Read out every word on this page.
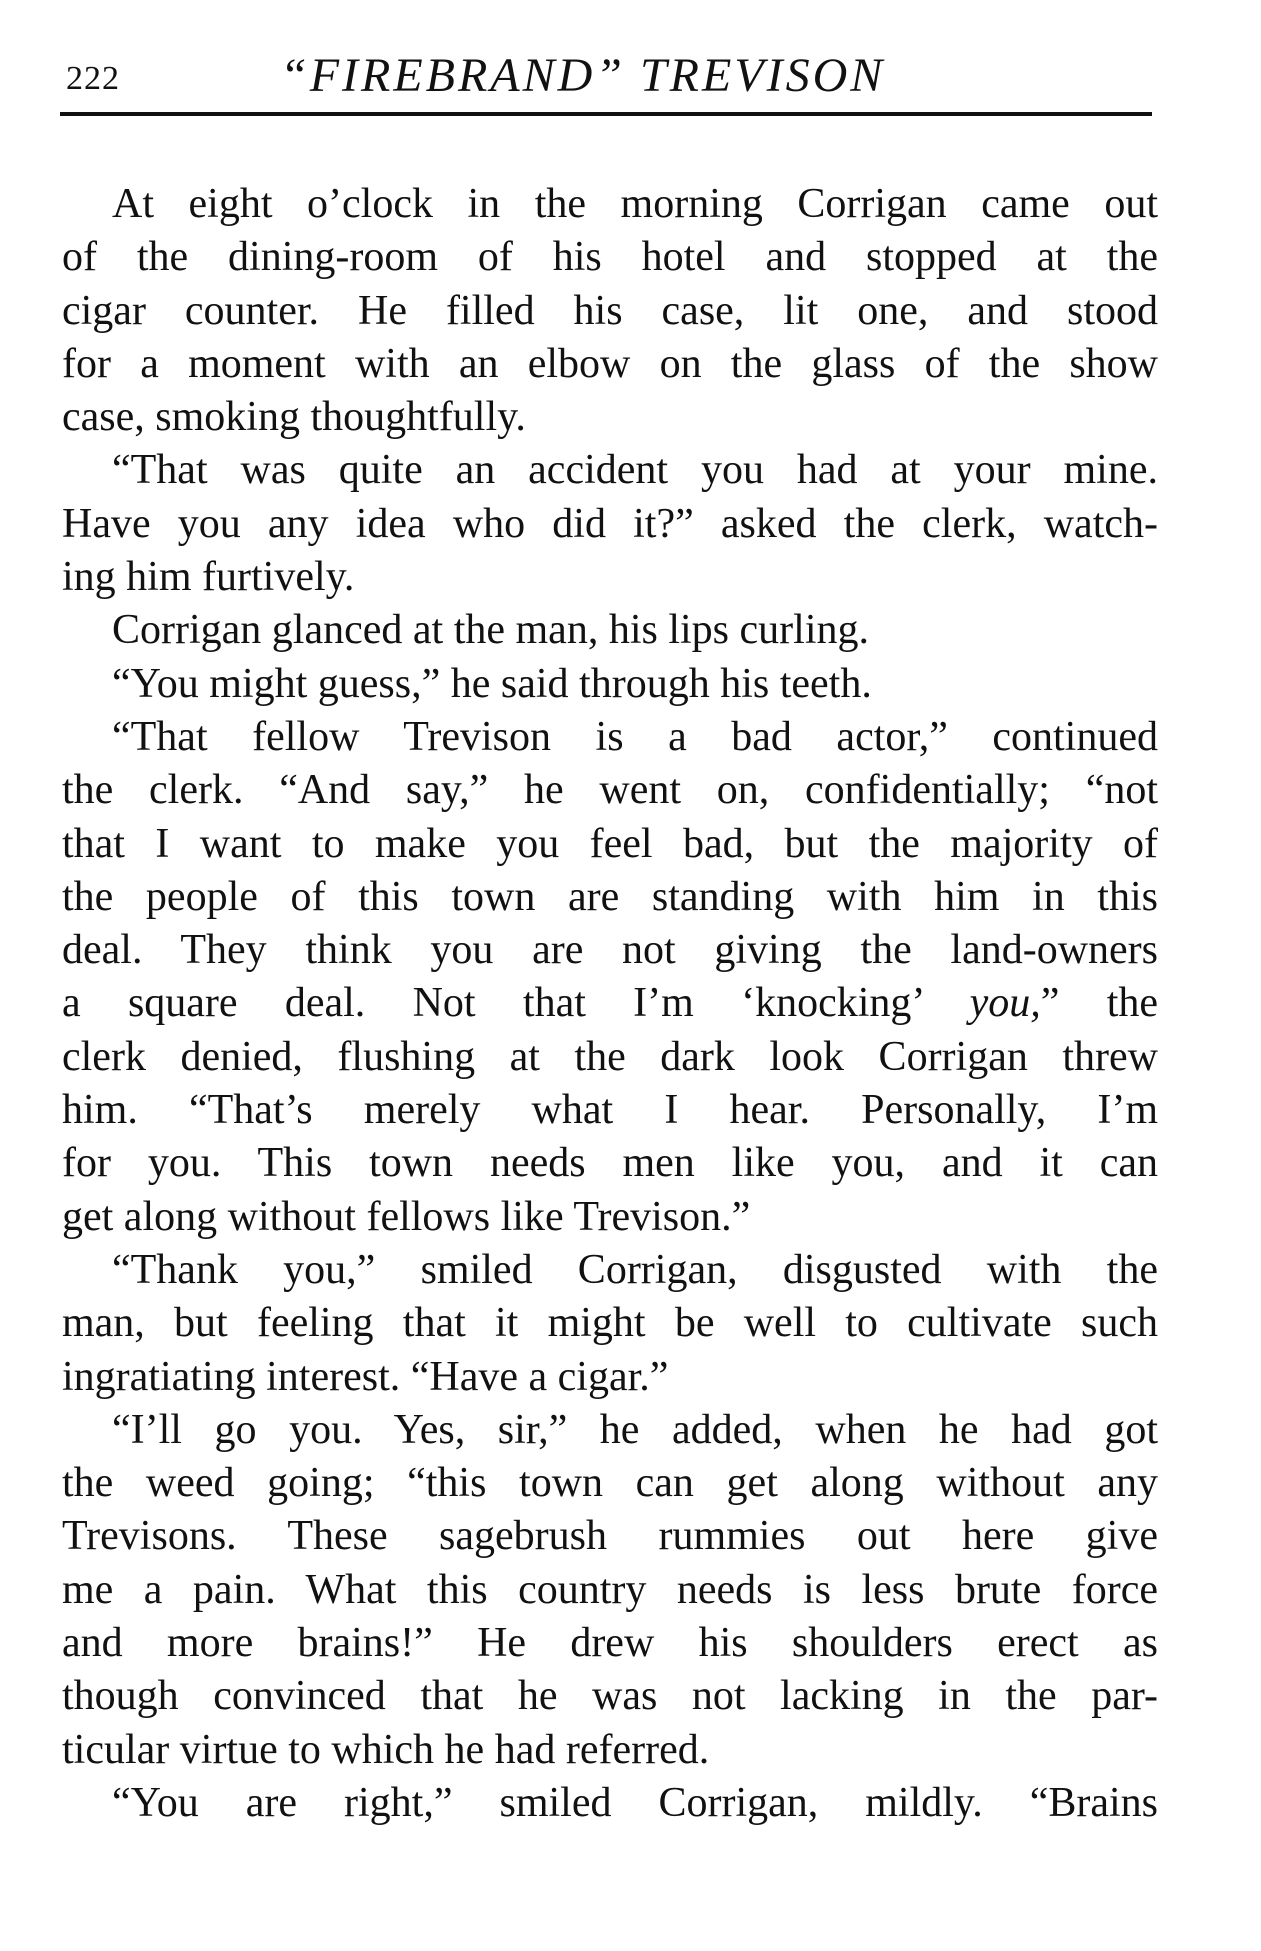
222	“FIREBRAND” TREVISON
At eight o’clock in the morning Corrigan came out
of the dining-room of his hotel and stopped at the
cigar counter. He filled his case, lit one, and stood
for a moment with an elbow on the glass of the show
case, smoking thoughtfully.
“That was quite an accident you had at your mine.
Have you any idea who did it?” asked the clerk, watch-
ing him furtively.
Corrigan glanced at the man, his lips curling.
“You might guess,” he said through his teeth.
“That fellow Trevison is a bad actor,” continued
the clerk. “And say,” he went on, confidentially; “not
that I want to make you feel bad, but the majority of
the people of this town are standing with him in this
deal. They think you are not giving the land-owners
a square deal. Not that I’m ‘knocking’ you,” the
clerk denied, flushing at the dark look Corrigan threw
him. “That’s merely what I hear. Personally, I’m
for you. This town needs men like you, and it can
get along without fellows like Trevison.”
“Thank you,” smiled Corrigan, disgusted with the
man, but feeling that it might be well to cultivate such
ingratiating interest. “Have a cigar.”
“I’ll go you. Yes, sir,” he added, when he had got
the weed going; “this town can get along without any
Trevisons. These sagebrush rummies out here give
me a pain. What this country needs is less brute force
and more brains!” He drew his shoulders erect as
though convinced that he was not lacking in the par-
ticular virtue to which he had referred.
“You are right,” smiled Corrigan, mildly. “Brains
